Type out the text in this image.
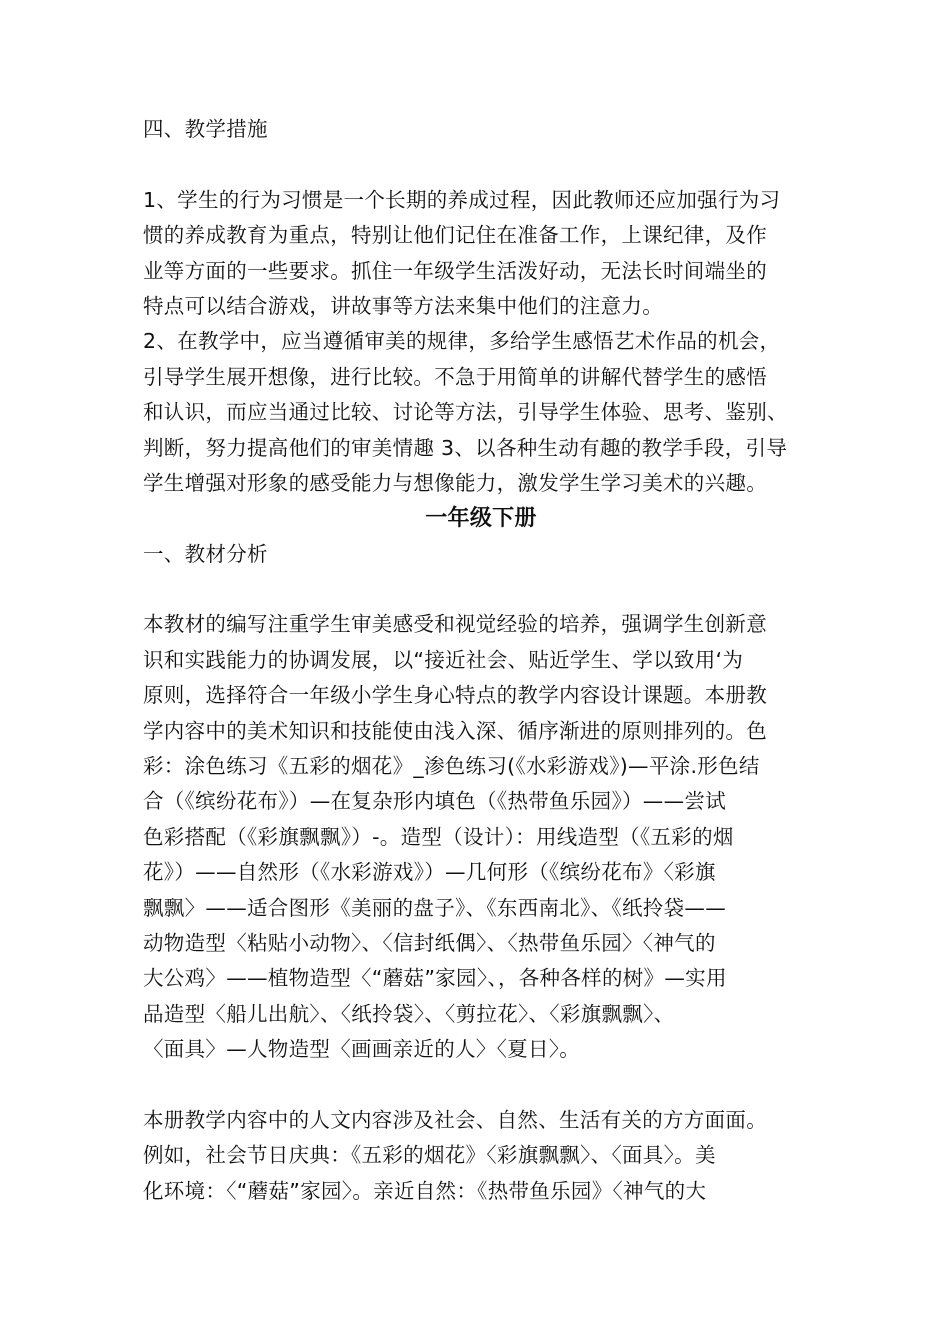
四、教学措施
1、学生的行为习惯是一个长期的养成过程，因此教师还应加强行为习
惯的养成教育为重点，特别让他们记住在准备工作，上课纪律，及作
业等方面的一些要求。抓住一年级学生活泼好动，无法长时间端坐的
特点可以结合游戏，讲故事等方法来集中他们的注意力。
2、在教学中，应当遵循审美的规律，多给学生感悟艺术作品的机会，
引导学生展开想像，进行比较。不急于用简单的讲解代替学生的感悟
和认识，而应当通过比较、讨论等方法，引导学生体验、思考、鉴别、
判断，努力提高他们的审美情趣 3、以各种生动有趣的教学手段，引导
学生增强对形象的感受能力与想像能力，激发学生学习美术的兴趣。
一年级下册
一、教材分析
本教材的编写注重学生审美感受和视觉经验的培养，强调学生创新意
识和实践能力的协调发展，以“接近社会、贴近学生、学以致用‘为
原则，选择符合一年级小学生身心特点的教学内容设计课题。本册教
学内容中的美术知识和技能使由浅入深、循序渐进的原则排列的。色
彩：涂色练习《五彩的烟花》_渗色练习(《水彩游戏》)—平涂.形色结
合（《缤纷花布》）—在复杂形内填色（《热带鱼乐园》）——尝试
色彩搭配（《彩旗飘飘》）-。造型（设计）：用线造型（《五彩的烟
花》）——自然形（《水彩游戏》）—几何形（《缤纷花布》〈彩旗
飘飘〉——适合图形《美丽的盘子》、《东西南北》、《纸拎袋——
动物造型〈粘贴小动物〉、〈信封纸偶〉、〈热带鱼乐园〉〈神气的
大公鸡〉——植物造型〈“蘑菇”家园〉、，各种各样的树》—实用
品造型〈船儿出航〉、〈纸拎袋〉、〈剪拉花〉、〈彩旗飘飘〉、
〈面具〉—人物造型〈画画亲近的人〉〈夏日〉。
本册教学内容中的人文内容涉及社会、自然、生活有关的方方面面。
例如，社会节日庆典：《五彩的烟花》〈彩旗飘飘〉、〈面具〉。美
化环境：〈“蘑菇”家园〉。亲近自然：《热带鱼乐园》〈神气的大
